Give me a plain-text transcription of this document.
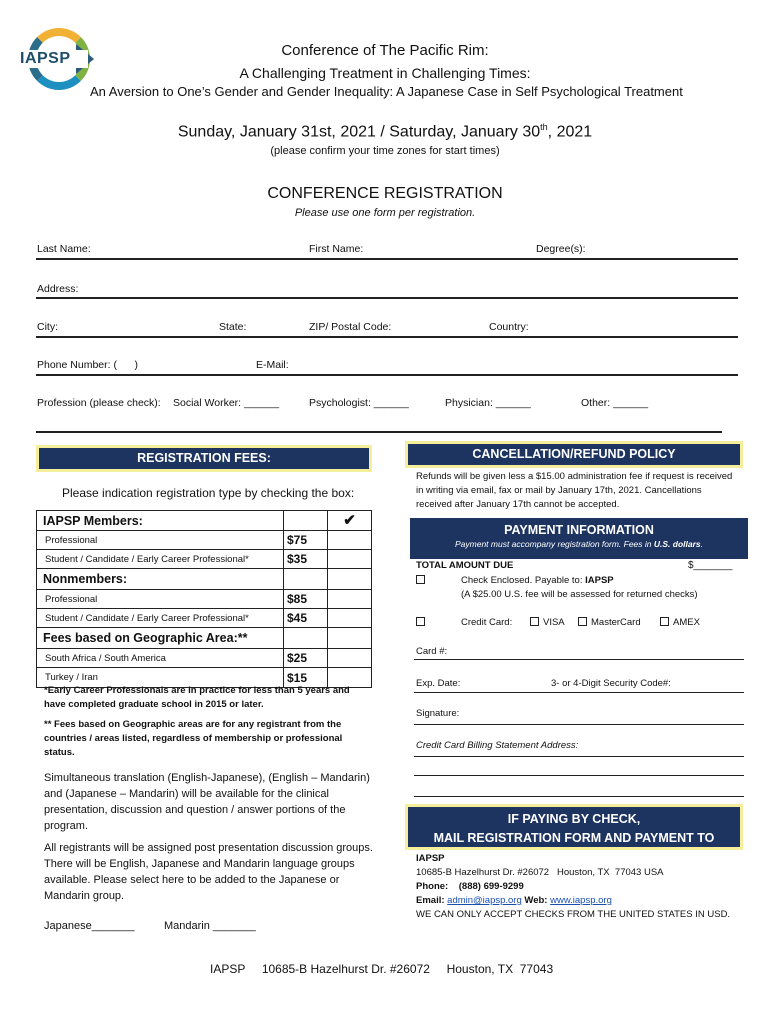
IAPSP	Conference of The Pacific Rim:
A Challenging Treatment in Challenging Times:
An Aversion to One’s Gender and Gender Inequality: A Japanese Case in Self Psychological Treatment
Sunday, January 31st, 2021 / Saturday, January 30th, 2021
(please confirm your time zones for start times)
CONFERENCE REGISTRATION
Please use one form per registration.
Last Name:	First Name:	Degree(s):
Address:
City:	State:	ZIP/ Postal Code:	Country:
Phone Number: (      )	E-Mail:
Profession (please check): Social Worker: ______	Psychologist: ______	Physician: ______	Other: ______
REGISTRATION FEES:
Please indication registration type by checking the box:
IAPSP Members:	✔
Professional	$75
Student / Candidate / Early Career Professional*	$35
Nonmembers:
Professional	$85
Student / Candidate / Early Career Professional*	$45
Fees based on Geographic Area:**
South Africa / South America	$25
Turkey / Iran	$15
*Early Career Professionals are in practice for less than 5 years and have completed graduate school in 2015 or later.
** Fees based on Geographic areas are for any registrant from the countries / areas listed, regardless of membership or professional status.
Simultaneous translation (English-Japanese), (English – Mandarin) and (Japanese – Mandarin) will be available for the clinical presentation, discussion and question / answer portions of the program.
All registrants will be assigned post presentation discussion groups. There will be English, Japanese and Mandarin language groups available. Please select here to be added to the Japanese or Mandarin group.
Japanese_______	Mandarin _______
CANCELLATION/REFUND POLICY
Refunds will be given less a $15.00 administration fee if request is received in writing via email, fax or mail by January 17th, 2021. Cancellations received after January 17th cannot be accepted.
PAYMENT INFORMATION
Payment must accompany registration form. Fees in U.S. dollars.
TOTAL AMOUNT DUE	$_______
Check Enclosed. Payable to: IAPSP
(A $25.00 U.S. fee will be assessed for returned checks)
Credit Card:	VISA	MasterCard	AMEX
Card #:
Exp. Date:	3- or 4-Digit Security Code#:
Signature:
Credit Card Billing Statement Address:
IF PAYING BY CHECK,
MAIL REGISTRATION FORM AND PAYMENT TO
IAPSP
10685-B Hazelhurst Dr. #26072   Houston, TX  77043 USA
Phone: (888) 699-9299
Email: admin@iapsp.org Web: www.iapsp.org
WE CAN ONLY ACCEPT CHECKS FROM THE UNITED STATES IN USD.
IAPSP 10685-B Hazelhurst Dr. #26072 Houston, TX  77043
